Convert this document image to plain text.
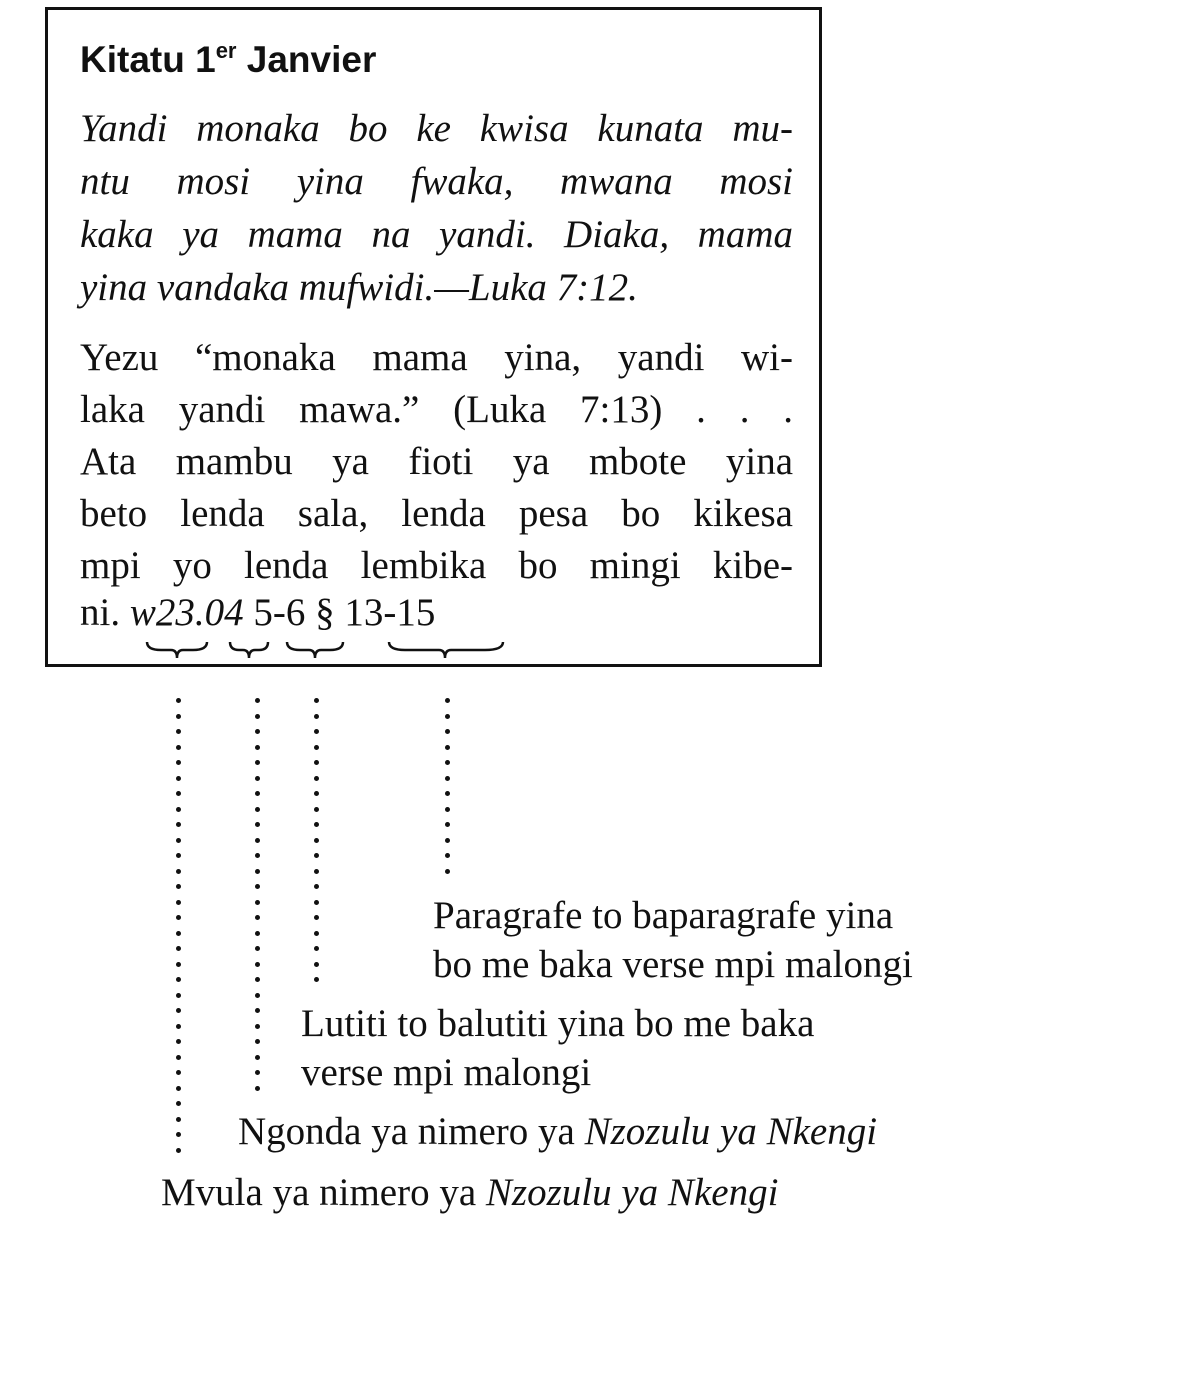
Kitatu 1er Janvier

Yandi monaka bo ke kwisa kunata mu-

ntu mosi yina fwaka, mwana mosi

kaka ya mama na yandi. Diaka, mama

yina vandaka mufwidi.—Luka 7:12.

Yezu “monaka mama yina, yandi wi-

laka yandi mawa.” (Luka 7:13) . . .

Ata mambu ya fioti ya mbote yina

beto lenda sala, lenda pesa bo kikesa

mpi yo lenda lembika bo mingi kibe-

ni. w23.04 5-6 § 13-15

Paragrafe to baparagrafe yina

bo me baka verse mpi malongi

Lutiti to balutiti yina bo me baka

verse mpi malongi

Ngonda ya nimero ya Nzozulu ya Nkengi

Mvula ya nimero ya Nzozulu ya Nkengi
